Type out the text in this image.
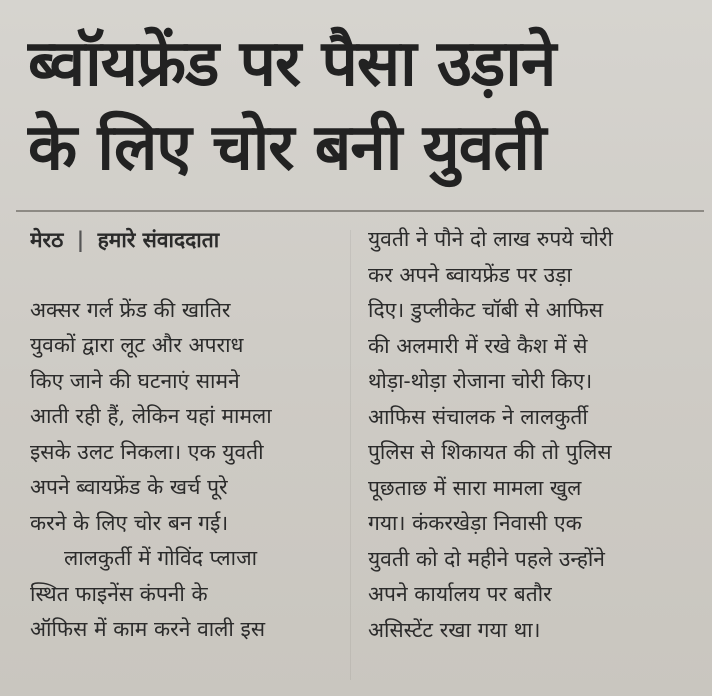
ब्वॉयफ्रेंड पर पैसा उड़ाने
के लिए चोर बनी युवती
मेरठ | हमारे संवाददाता
अक्सर गर्ल फ्रेंड की खातिर
युवकों द्वारा लूट और अपराध
किए जाने की घटनाएं सामने
आती रही हैं, लेकिन यहां मामला
इसके उलट निकला। एक युवती
अपने ब्वायफ्रेंड के खर्च पूरे
करने के लिए चोर बन गई।
लालकुर्ती में गोविंद प्लाजा
स्थित फाइनेंस कंपनी के
ऑफिस में काम करने वाली इस
युवती ने पौने दो लाख रुपये चोरी
कर अपने ब्वायफ्रेंड पर उड़ा
दिए। डुप्लीकेट चॉबी से आफिस
की अलमारी में रखे कैश में से
थोड़ा-थोड़ा रोजाना चोरी किए।
आफिस संचालक ने लालकुर्ती
पुलिस से शिकायत की तो पुलिस
पूछताछ में सारा मामला खुल
गया। कंकरखेड़ा निवासी एक
युवती को दो महीने पहले उन्होंने
अपने कार्यालय पर बतौर
असिस्टेंट रखा गया था।
